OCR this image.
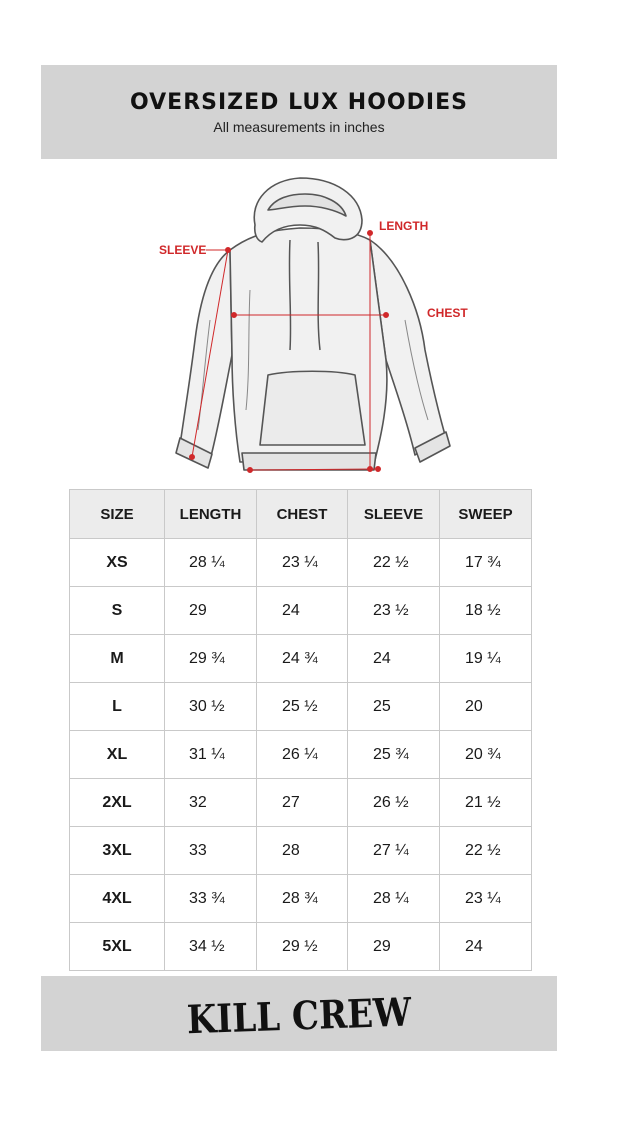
OVERSIZED LUX HOODIES
All measurements in inches
SLEEVE
LENGTH
CHEST
SIZE	LENGTH	CHEST	SLEEVE	SWEEP
XS	28 ¼	23 ¼	22 ½	17 ¾
S	29	24	23 ½	18 ½
M	29 ¾	24 ¾	24	19 ¼
L	30 ½	25 ½	25	20
XL	31 ¼	26 ¼	25 ¾	20 ¾
2XL	32	27	26 ½	21 ½
3XL	33	28	27 ¼	22 ½
4XL	33 ¾	28 ¾	28 ¼	23 ¼
5XL	34 ½	29 ½	29	24
KILL CREW
